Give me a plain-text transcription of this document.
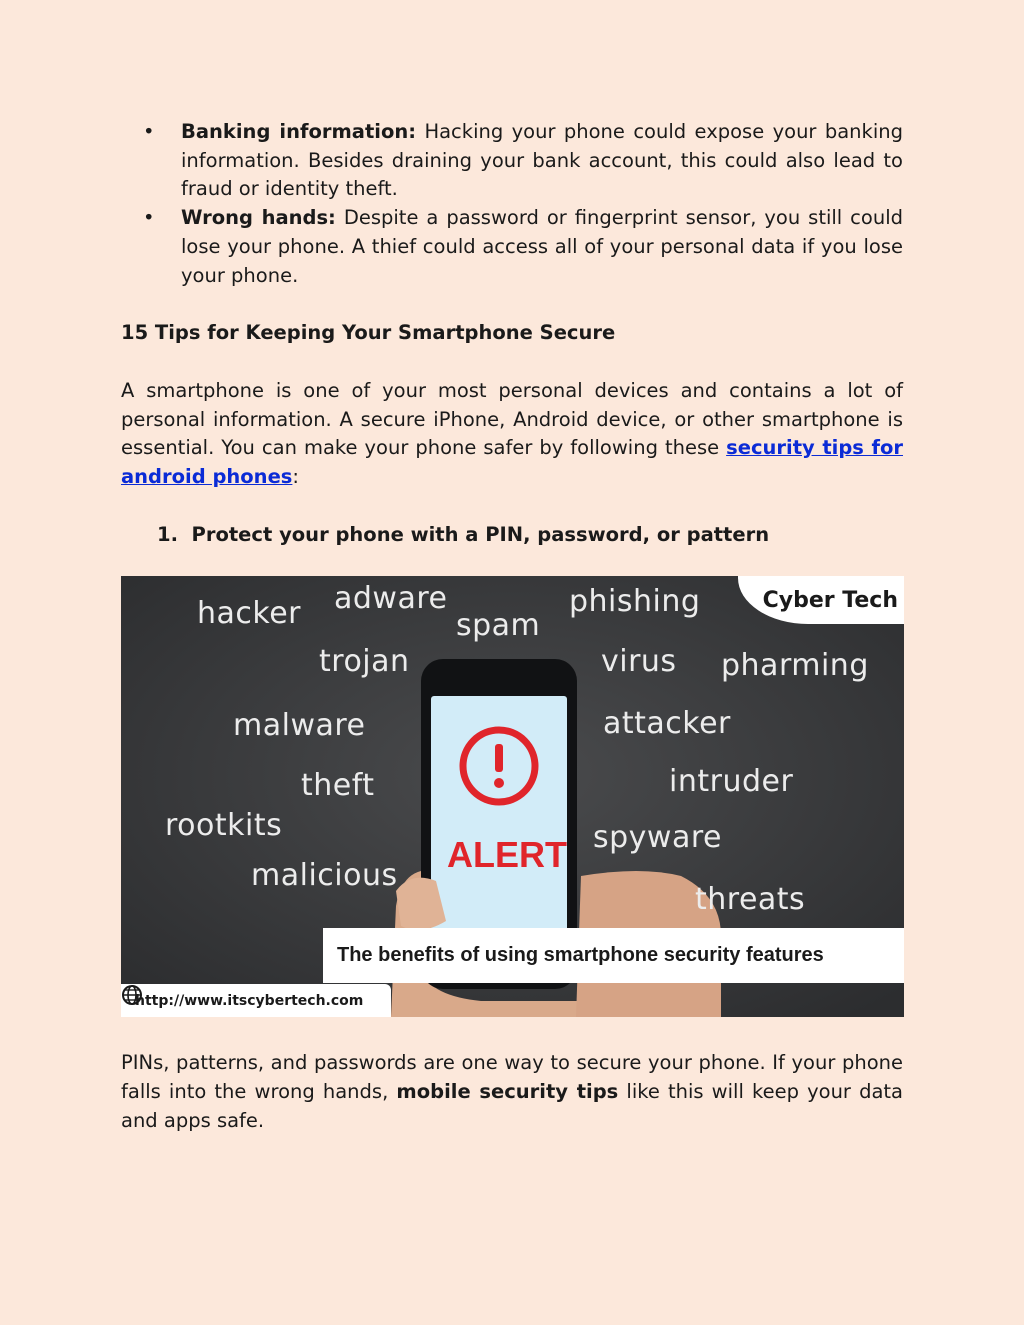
• Banking information: Hacking your phone could expose your banking information. Besides draining your bank account, this could also lead to fraud or identity theft.
• Wrong hands: Despite a password or fingerprint sensor, you still could lose your phone. A thief could access all of your personal data if you lose your phone.
15 Tips for Keeping Your Smartphone Secure

A smartphone is one of your most personal devices and contains a lot of personal information. A secure iPhone, Android device, or other smartphone is essential. You can make your phone safer by following these security tips for android phones:

1.  Protect your phone with a PIN, password, or pattern
hacker adware
spam
phishing
trojan	virus pharming
malware	attacker
theft	intruder
rootkits	spyware
malicious
threats
ALERT
Cyber Tech
The benefits of using smartphone security features
http://www.itscybertech.com

PINs, patterns, and passwords are one way to secure your phone. If your phone falls into the wrong hands, mobile security tips like this will keep your data and apps safe.
